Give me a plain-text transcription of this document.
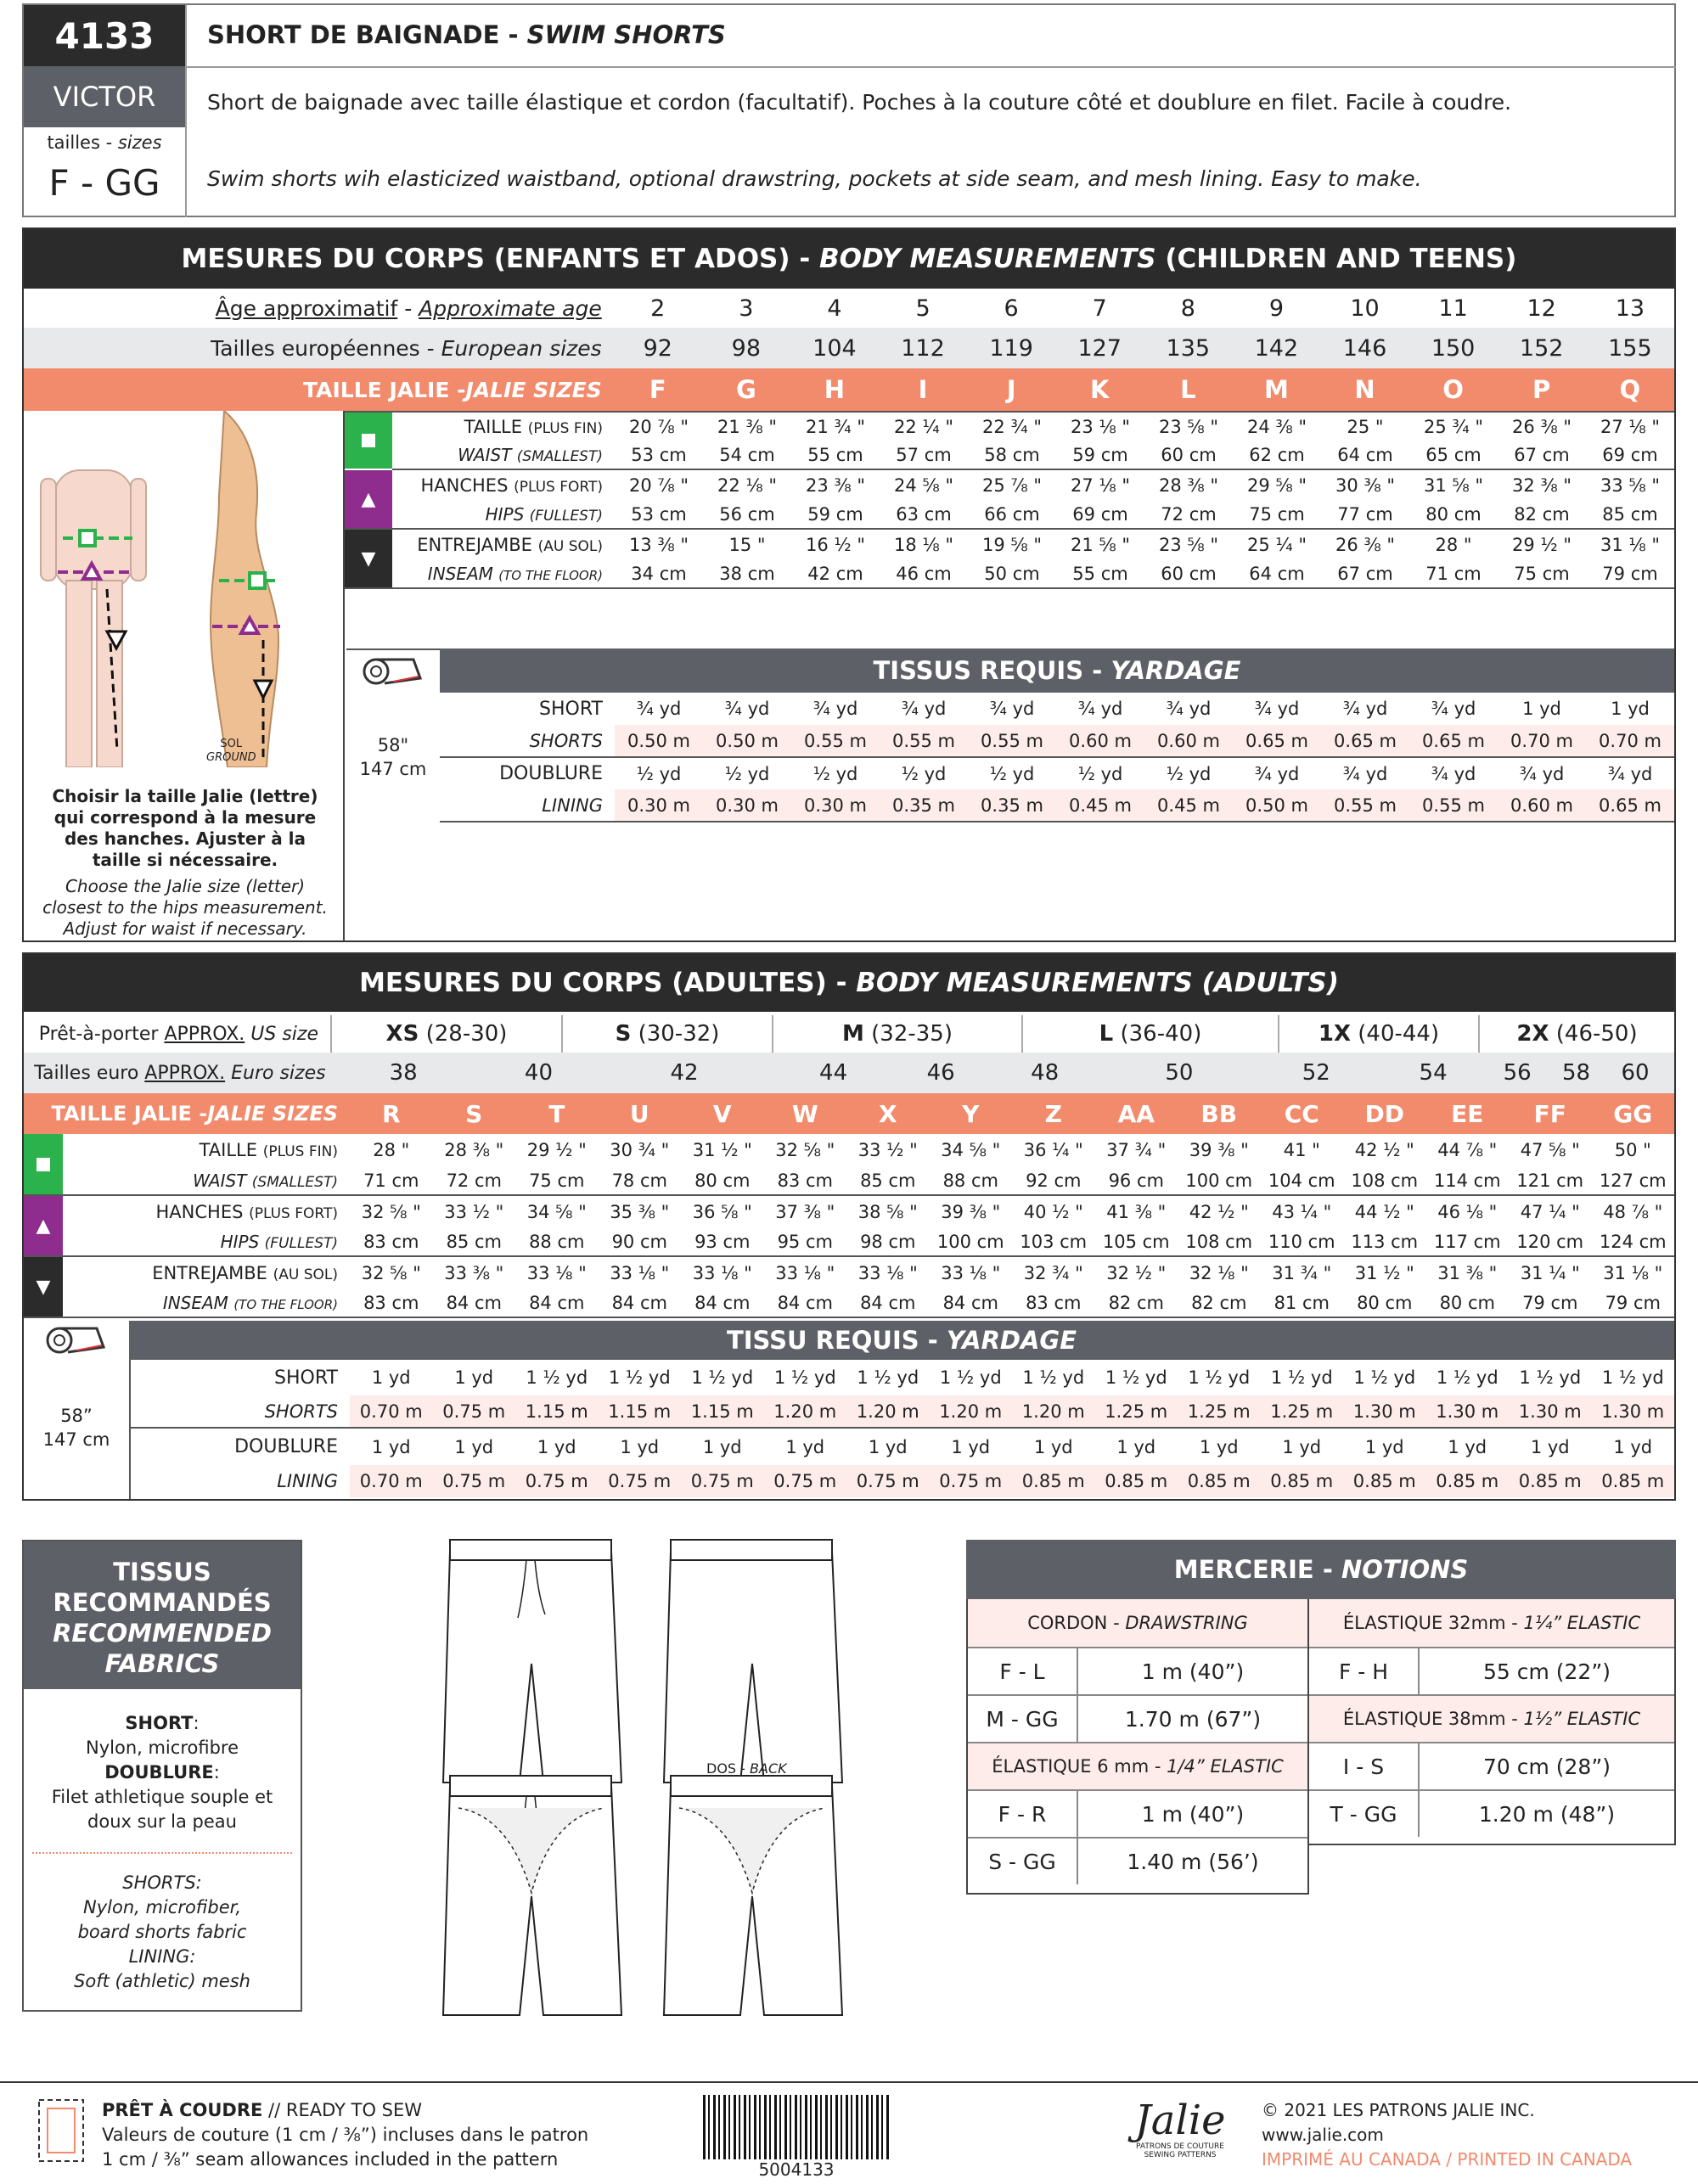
4133
VICTOR
tailles - sizes
F - GG
SHORT DE BAIGNADE - SWIM SHORTS
Short de baignade avec taille élastique et cordon (facultatif). Poches à la couture côté et doublure en filet. Facile à coudre.
Swim shorts wih elasticized waistband, optional drawstring, pockets at side seam, and mesh lining. Easy to make.
MESURES DU CORPS (ENFANTS ET ADOS) - BODY MEASUREMENTS
(CHILDREN AND TEENS)
Âge approximatif - Approximate age	2	3	4	5	6	7	8	9	10	11	12	13
Tailles européennes - European sizes	92	98	104	112	119	127	135	142	146	150	152	155
TAILLE JALIE -JALIE SIZES	F	G	H	I	J	K	L	M	N	O	P	Q
SOL
GROUND
Choisir la taille Jalie (lettre) qui correspond à la mesure des hanches. Ajuster à la taille si nécessaire.
Choose the Jalie size (letter) closest to the hips measurement. Adjust for waist if necessary.
	TAILLE (PLUS FIN)	20 ⅞ "	21 ⅜ "	21 ¾ "	22 ¼ "	22 ¾ "	23 ⅛ "	23 ⅝ "	24 ⅜ "	25 "	25 ¾ "	26 ⅜ "	27 ⅛ "
	WAIST (SMALLEST)	53 cm	54 cm	55 cm	57 cm	58 cm	59 cm	60 cm	62 cm	64 cm	65 cm	67 cm	69 cm
▲	HANCHES (PLUS FORT)	20 ⅞ "	22 ⅛ "	23 ⅜ "	24 ⅝ "	25 ⅞ "	27 ⅛ "	28 ⅜ "	29 ⅝ "	30 ⅜ "	31 ⅝ "	32 ⅜ "	33 ⅝ "
	HIPS (FULLEST)	53 cm	56 cm	59 cm	63 cm	66 cm	69 cm	72 cm	75 cm	77 cm	80 cm	82 cm	85 cm
▼	ENTREJAMBE (AU SOL)	13 ⅜ "	15 "	16 ½ "	18 ⅛ "	19 ⅝ "	21 ⅝ "	23 ⅝ "	25 ¼ "	26 ⅜ "	28 "	29 ½ "	31 ⅛ "
	INSEAM (TO THE FLOOR)	34 cm	38 cm	42 cm	46 cm	50 cm	55 cm	60 cm	64 cm	67 cm	71 cm	75 cm	79 cm
TISSUS REQUIS - YARDAGE
58"
147 cm
SHORT	¾ yd	¾ yd	¾ yd	¾ yd	¾ yd	¾ yd	¾ yd	¾ yd	¾ yd	¾ yd	1 yd	1 yd
SHORTS	0.50 m	0.50 m	0.55 m	0.55 m	0.55 m	0.60 m	0.60 m	0.65 m	0.65 m	0.65 m	0.70 m	0.70 m
DOUBLURE	½ yd	½ yd	½ yd	½ yd	½ yd	½ yd	½ yd	¾ yd	¾ yd	¾ yd	¾ yd	¾ yd
LINING	0.30 m	0.30 m	0.30 m	0.35 m	0.35 m	0.45 m	0.45 m	0.50 m	0.55 m	0.55 m	0.60 m	0.65 m
MESURES DU CORPS (ADULTES) - BODY MEASUREMENTS
(ADULTS)
Prêt-à-porter APPROX. US size	XS (28-30)	S (30-32)	M (32-35)	L (36-40)	1X (40-44)	2X (46-50)
Tailles euro APPROX. Euro sizes	38	40	42	44	46	48	50	52	54	56	58	60
TAILLE JALIE -JALIE SIZES		R	S	T	U	V	W	X	Y	Z	AA	BB	CC	DD	EE	FF	GG

	TAILLE (PLUS FIN)	28 "	28 ⅜ "	29 ½ "	30 ¾ "	31 ½ "	32 ⅝ "	33 ½ "	34 ⅝ "	36 ¼ "	37 ¾ "	39 ⅜ "	41 "	42 ½ "	44 ⅞ "	47 ⅝ "	50 "
	WAIST (SMALLEST)	71 cm	72 cm	75 cm	78 cm	80 cm	83 cm	85 cm	88 cm	92 cm	96 cm	100 cm	104 cm	108 cm	114 cm	121 cm	127 cm
▲	HANCHES (PLUS FORT)	32 ⅝ "	33 ½ "	34 ⅝ "	35 ⅜ "	36 ⅝ "	37 ⅜ "	38 ⅝ "	39 ⅜ "	40 ½ "	41 ⅜ "	42 ½ "	43 ¼ "	44 ½ "	46 ⅛ "	47 ¼ "	48 ⅞ "
	HIPS (FULLEST)	83 cm	85 cm	88 cm	90 cm	93 cm	95 cm	98 cm	100 cm	103 cm	105 cm	108 cm	110 cm	113 cm	117 cm	120 cm	124 cm
▼	ENTREJAMBE (AU SOL)	32 ⅝ "	33 ⅜ "	33 ⅛ "	33 ⅛ "	33 ⅛ "	33 ⅛ "	33 ⅛ "	33 ⅛ "	32 ¾ "	32 ½ "	32 ⅛ "	31 ¾ "	31 ½ "	31 ⅜ "	31 ¼ "	31 ⅛ "
	INSEAM (TO THE FLOOR)	83 cm	84 cm	84 cm	84 cm	84 cm	84 cm	84 cm	84 cm	83 cm	82 cm	82 cm	81 cm	80 cm	80 cm	79 cm	79 cm
TISSU REQUIS - YARDAGE
58”
147 cm
SHORT	1 yd	1 yd	1 ½ yd	1 ½ yd	1 ½ yd	1 ½ yd	1 ½ yd	1 ½ yd	1 ½ yd	1 ½ yd	1 ½ yd	1 ½ yd	1 ½ yd	1 ½ yd	1 ½ yd	1 ½ yd
SHORTS	0.70 m	0.75 m	1.15 m	1.15 m	1.15 m	1.20 m	1.20 m	1.20 m	1.20 m	1.25 m	1.25 m	1.25 m	1.30 m	1.30 m	1.30 m	1.30 m
DOUBLURE	1 yd	1 yd	1 yd	1 yd	1 yd	1 yd	1 yd	1 yd	1 yd	1 yd	1 yd	1 yd	1 yd	1 yd	1 yd	1 yd
LINING	0.70 m	0.75 m	0.75 m	0.75 m	0.75 m	0.75 m	0.75 m	0.75 m	0.85 m	0.85 m	0.85 m	0.85 m	0.85 m	0.85 m	0.85 m	0.85 m
TISSUS
RECOMMANDÉS
RECOMMENDED
FABRICS
SHORT:
Nylon, microfibre
DOUBLURE:
Filet athletique souple et doux sur la peau
SHORTS:
Nylon, microfiber,
board shorts fabric
LINING:
Soft (athletic) mesh
DOS - BACK
MERCERIE - NOTIONS
CORDON - DRAWSTRING
F - L	1 m (40”)
M - GG	1.70 m (67”)
ÉLASTIQUE 6 mm - 1/4” ELASTIC
F - R	1 m (40”)
S - GG	1.40 m (56’)
ÉLASTIQUE 32mm - 1¼” ELASTIC
F - H	55 cm (22”)
ÉLASTIQUE 38mm - 1½” ELASTIC
I - S	70 cm (28”)
T - GG	1.20 m (48”)
PRÊT À COUDRE // READY TO SEW
Valeurs de couture (1 cm / ⅜”) incluses dans le patron
1 cm / ⅜” seam allowances included in the pattern	5004133
Jalie
PATRONS DE COUTURE
SEWING PATTERNS
© 2021 LES PATRONS JALIE INC.
www.jalie.com
IMPRIMÉ AU CANADA / PRINTED IN CANADA
